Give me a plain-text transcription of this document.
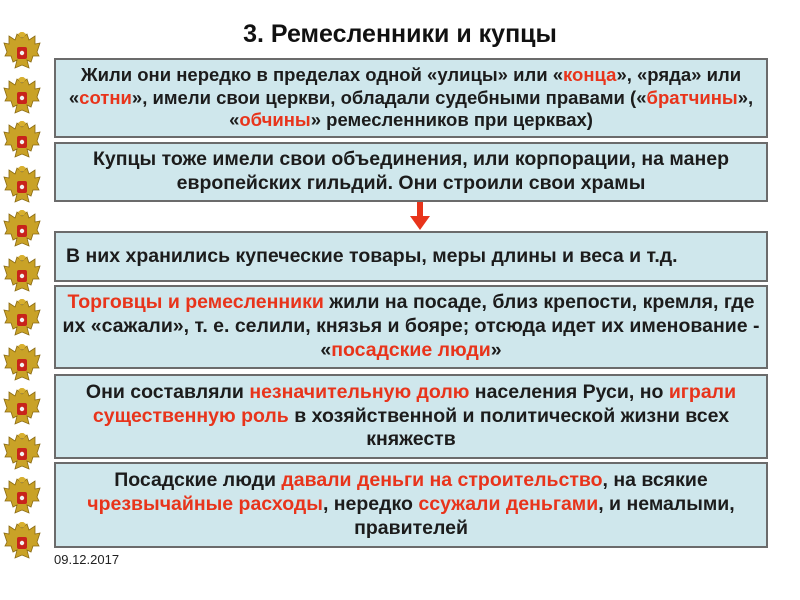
3. Ремесленники и купцы
Жили они нередко в пределах одной «улицы» или «конца», «ряда» или «сотни», имели свои церкви, обладали судебными правами («братчины», «обчины» ремесленников при церквах)
Купцы тоже имели свои объединения, или корпорации, на манер европейских гильдий. Они строили свои храмы
В них хранились купеческие товары, меры длины и веса и т.д.
Торговцы и ремесленники жили на посаде, близ крепости, кремля, где их «сажали», т. е. селили, князья и бояре; отсюда идет их именование - «посадские люди»
Они составляли незначительную долю населения Руси, но играли существенную роль в хозяйственной и политической жизни всех княжеств
Посадские люди давали деньги на строительство, на всякие чрезвычайные расходы, нередко ссужали деньгами, и немалыми, правителей
09.12.2017
